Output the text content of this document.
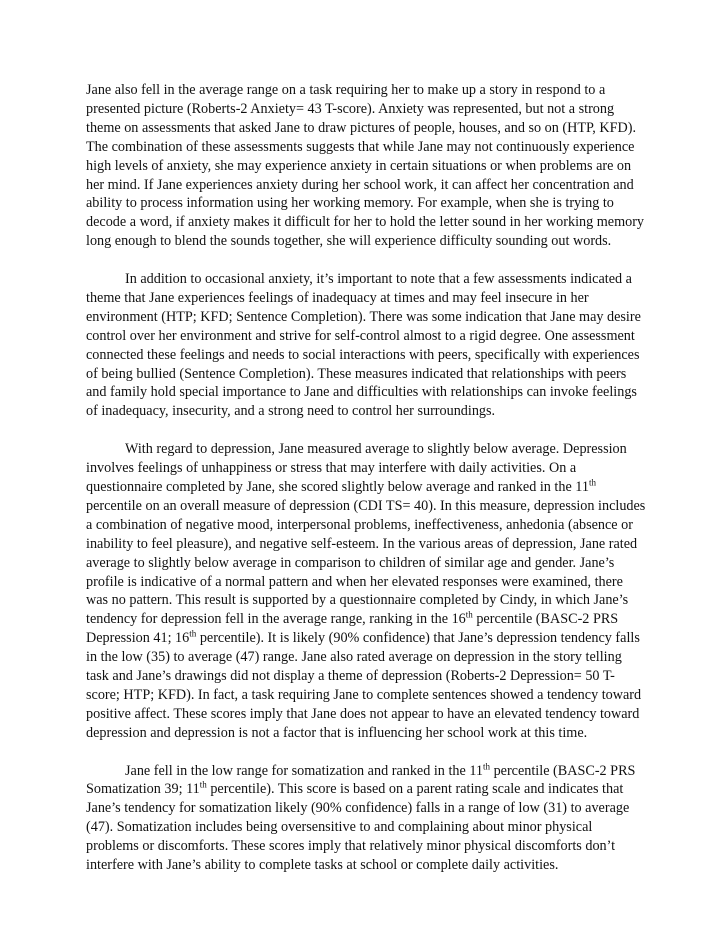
Jane also fell in the average range on a task requiring her to make up a story in respond to a presented picture (Roberts-2 Anxiety= 43 T-score). Anxiety was represented, but not a strong theme on assessments that asked Jane to draw pictures of people, houses, and so on (HTP, KFD). The combination of these assessments suggests that while Jane may not continuously experience high levels of anxiety, she may experience anxiety in certain situations or when problems are on her mind. If Jane experiences anxiety during her school work, it can affect her concentration and ability to process information using her working memory. For example, when she is trying to decode a word, if anxiety makes it difficult for her to hold the letter sound in her working memory long enough to blend the sounds together, she will experience difficulty sounding out words.

In addition to occasional anxiety, it’s important to note that a few assessments indicated a theme that Jane experiences feelings of inadequacy at times and may feel insecure in her environment (HTP; KFD; Sentence Completion). There was some indication that Jane may desire control over her environment and strive for self-control almost to a rigid degree. One assessment connected these feelings and needs to social interactions with peers, specifically with experiences of being bullied (Sentence Completion). These measures indicated that relationships with peers and family hold special importance to Jane and difficulties with relationships can invoke feelings of inadequacy, insecurity, and a strong need to control her surroundings.

With regard to depression, Jane measured average to slightly below average. Depression involves feelings of unhappiness or stress that may interfere with daily activities. On a questionnaire completed by Jane, she scored slightly below average and ranked in the 11th percentile on an overall measure of depression (CDI TS= 40). In this measure, depression includes a combination of negative mood, interpersonal problems, ineffectiveness, anhedonia (absence or inability to feel pleasure), and negative self-esteem. In the various areas of depression, Jane rated average to slightly below average in comparison to children of similar age and gender. Jane’s profile is indicative of a normal pattern and when her elevated responses were examined, there was no pattern. This result is supported by a questionnaire completed by Cindy, in which Jane’s tendency for depression fell in the average range, ranking in the 16th percentile (BASC-2 PRS Depression 41; 16th percentile). It is likely (90% confidence) that Jane’s depression tendency falls in the low (35) to average (47) range. Jane also rated average on depression in the story telling task and Jane’s drawings did not display a theme of depression (Roberts-2 Depression= 50 T-score; HTP; KFD). In fact, a task requiring Jane to complete sentences showed a tendency toward positive affect. These scores imply that Jane does not appear to have an elevated tendency toward depression and depression is not a factor that is influencing her school work at this time.

Jane fell in the low range for somatization and ranked in the 11th percentile (BASC-2 PRS Somatization 39; 11th percentile). This score is based on a parent rating scale and indicates that Jane’s tendency for somatization likely (90% confidence) falls in a range of low (31) to average (47). Somatization includes being oversensitive to and complaining about minor physical problems or discomforts. These scores imply that relatively minor physical discomforts don’t interfere with Jane’s ability to complete tasks at school or complete daily activities.
